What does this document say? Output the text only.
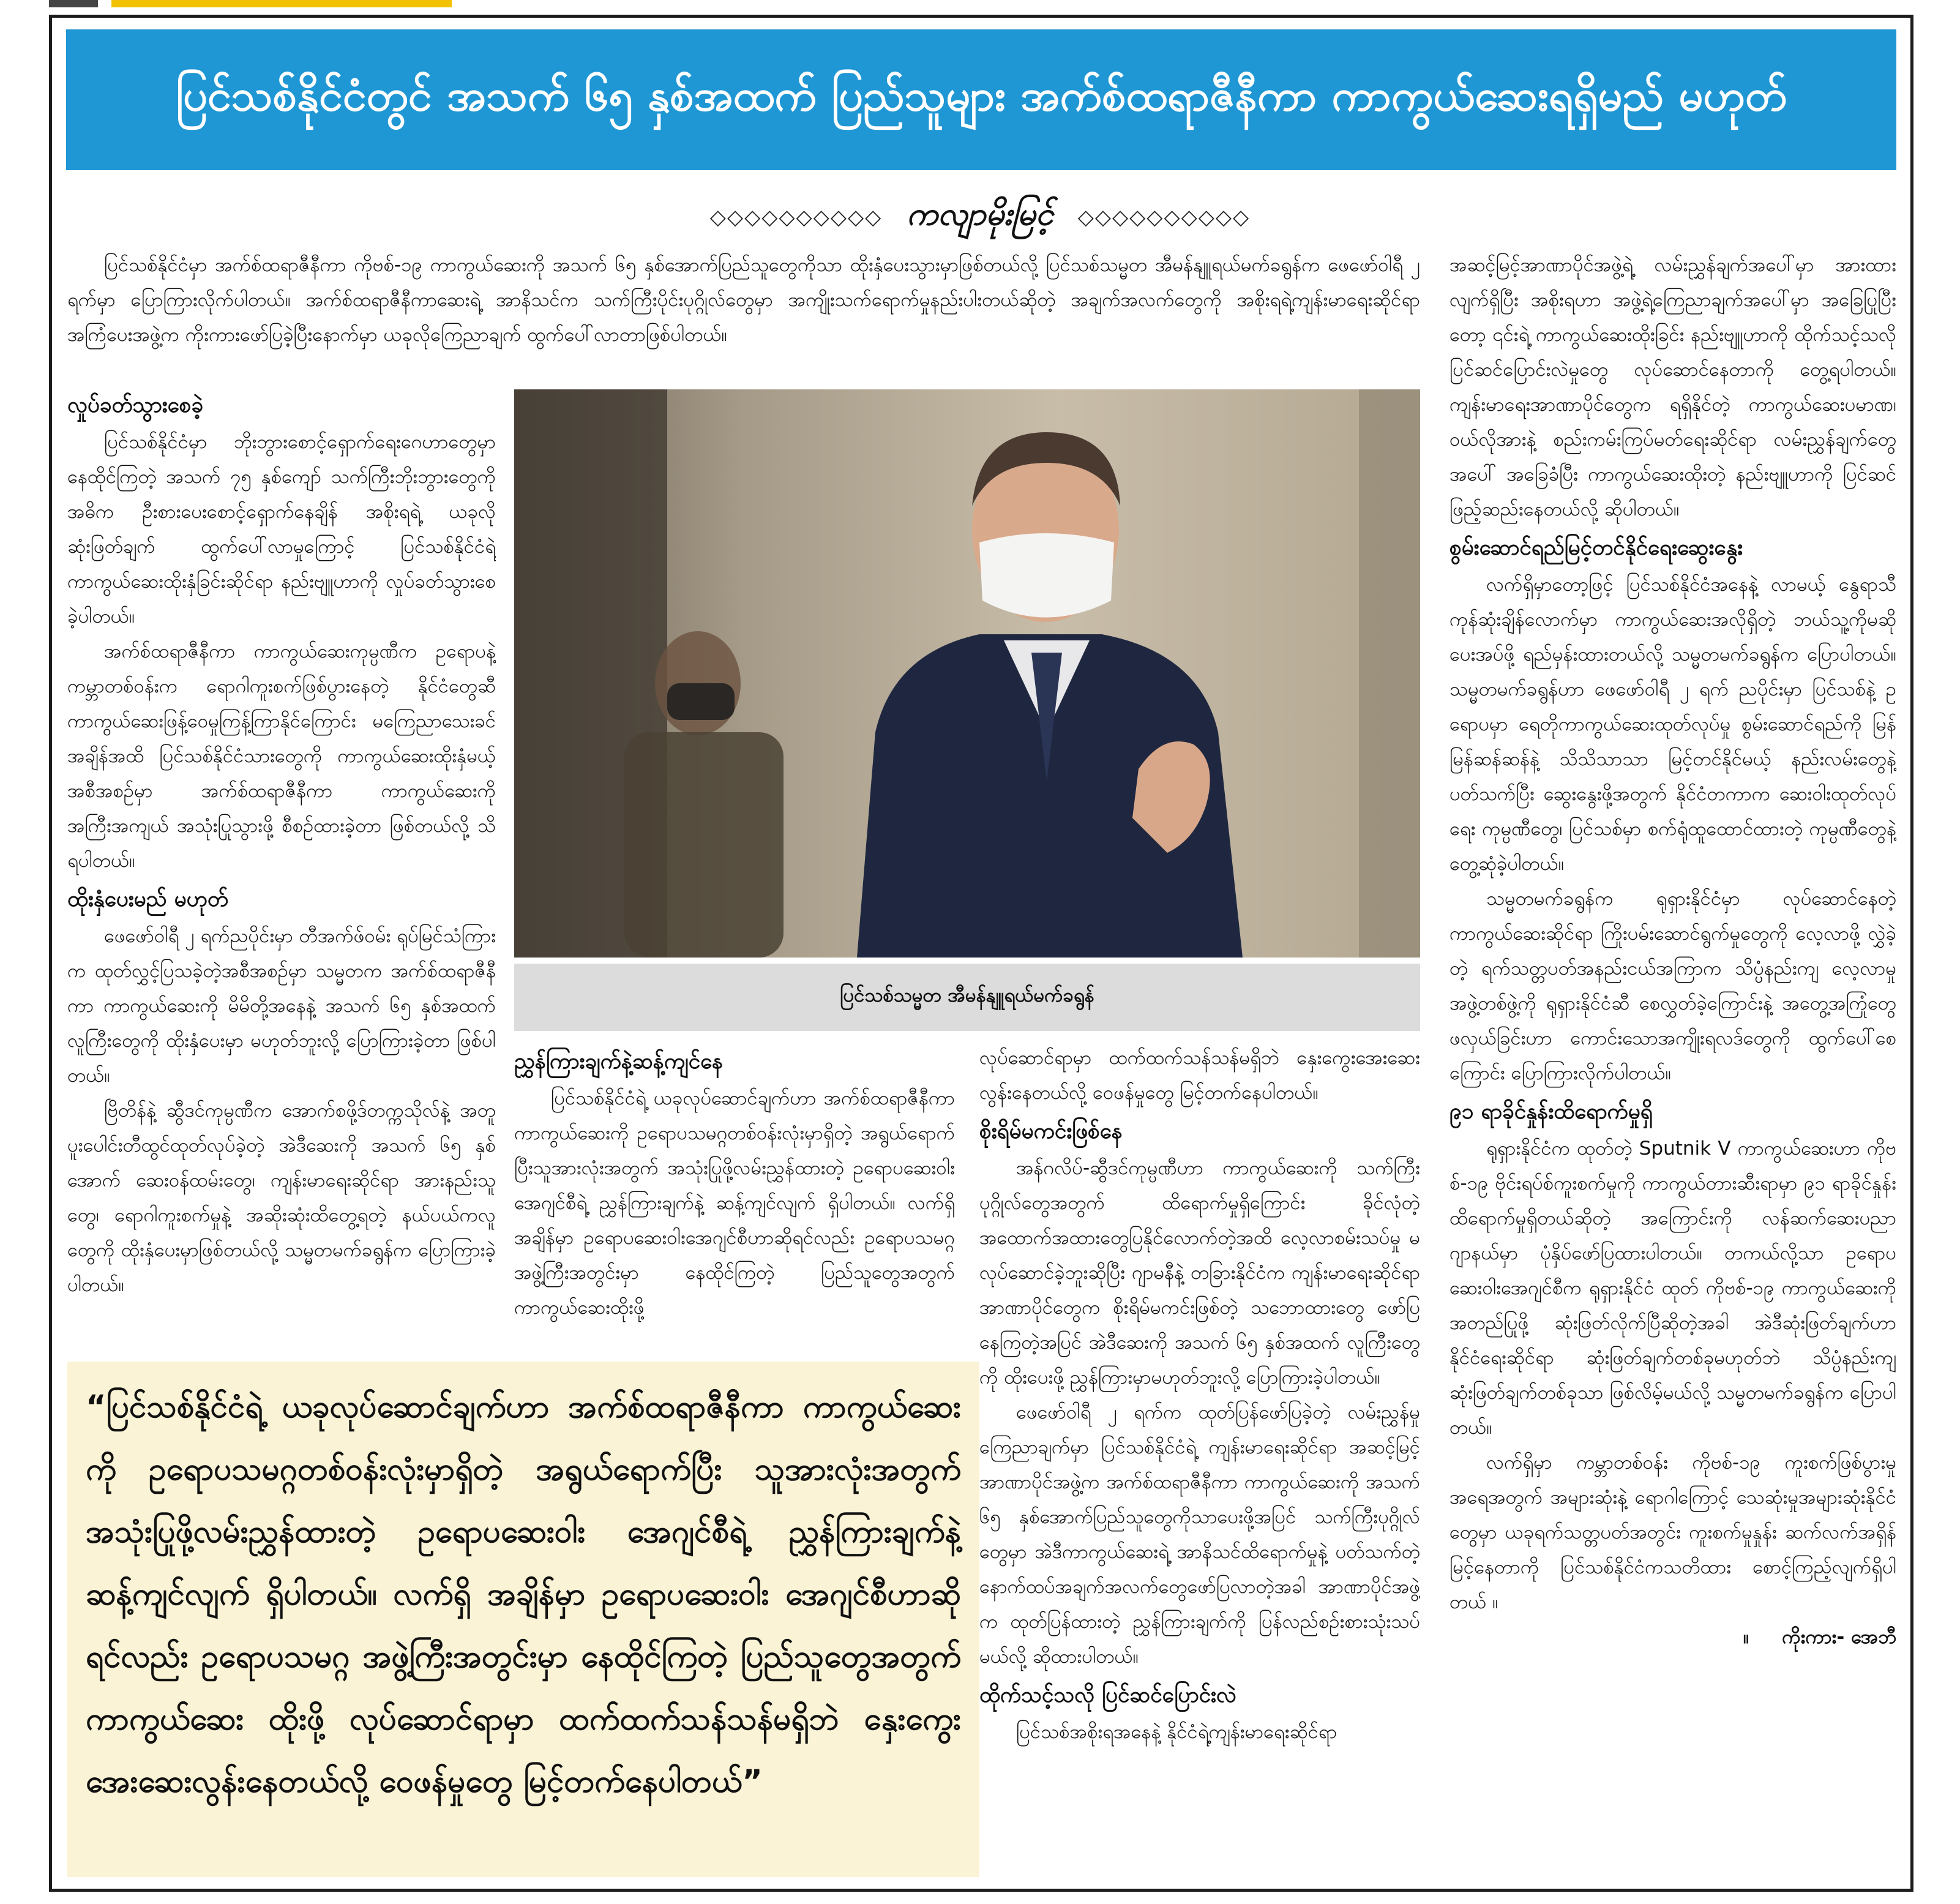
ပြင်သစ်နိုင်ငံတွင် အသက် ၆၅ နှစ်အထက် ပြည်သူများ အက်စ်ထရာဇီနီကာ ကာကွယ်ဆေးရရှိမည် မဟုတ်
◇◇◇◇◇◇◇◇◇◇ ကလျာမိုးမြင့် ◇◇◇◇◇◇◇◇◇◇

ပြင်သစ်နိုင်ငံမှာ အက်စ်ထရာဇီနီကာ ကိုဗစ်-၁၉ ကာကွယ်ဆေးကို အသက် ၆၅ နှစ်အောက်ပြည်သူတွေကိုသာ ထိုးနှံပေးသွားမှာဖြစ်တယ်လို့ ပြင်သစ်သမ္မတ အီမန်နျူရယ်မက်ခရွန်က ဖေဖော်ဝါရီ ၂ ရက်မှာ ပြောကြားလိုက်ပါတယ်။ အက်စ်ထရာဇီနီကာဆေးရဲ့ အာနိသင်က သက်ကြီးပိုင်းပုဂ္ဂိုလ်တွေမှာ အကျိုးသက်ရောက်မှုနည်းပါးတယ်ဆိုတဲ့ အချက်အလက်တွေကို အစိုးရရဲ့ကျန်းမာရေးဆိုင်ရာ အကြံပေးအဖွဲ့က ကိုးကားဖော်ပြခဲ့ပြီးနောက်မှာ ယခုလိုကြေညာချက် ထွက်ပေါ်လာတာဖြစ်ပါတယ်။

လှုပ်ခတ်သွားစေခဲ့

ပြင်သစ်နိုင်ငံမှာ ဘိုးဘွားစောင့်ရှောက်ရေးဂေဟာတွေမှာ နေထိုင်ကြတဲ့ အသက် ၇၅ နှစ်ကျော် သက်ကြီးဘိုးဘွားတွေကို အဓိက ဦးစားပေးစောင့်ရှောက်နေချိန် အစိုးရရဲ့ ယခုလိုဆုံးဖြတ်ချက် ထွက်ပေါ်လာမှုကြောင့် ပြင်သစ်နိုင်ငံရဲ့ ကာကွယ်ဆေးထိုးနှံခြင်းဆိုင်ရာ နည်းဗျူဟာကို လှုပ်ခတ်သွားစေခဲ့ပါတယ်။

အက်စ်ထရာဇီနီကာ ကာကွယ်ဆေးကုမ္ပဏီက ဥရောပနဲ့ ကမ္ဘာတစ်ဝန်းက ရောဂါကူးစက်ဖြစ်ပွားနေတဲ့ နိုင်ငံတွေဆီ ကာကွယ်ဆေးဖြန့်ဝေမှုကြန့်ကြာနိုင်ကြောင်း မကြေညာသေးခင်အချိန်အထိ ပြင်သစ်နိုင်ငံသားတွေကို ကာကွယ်ဆေးထိုးနှံမယ့်အစီအစဉ်မှာ အက်စ်ထရာဇီနီကာ ကာကွယ်ဆေးကို အကြီးအကျယ် အသုံးပြုသွားဖို့ စီစဉ်ထားခဲ့တာ ဖြစ်တယ်လို့ သိရပါတယ်။

ထိုးနှံပေးမည် မဟုတ်

ဖေဖော်ဝါရီ ၂ ရက်ညပိုင်းမှာ တီအက်ဖ်ဝမ်း ရုပ်မြင်သံကြားက ထုတ်လွှင့်ပြသခဲ့တဲ့အစီအစဉ်မှာ သမ္မတက အက်စ်ထရာဇီနီကာ ကာကွယ်ဆေးကို မိမိတို့အနေနဲ့ အသက် ၆၅ နှစ်အထက် လူကြီးတွေကို ထိုးနှံပေးမှာ မဟုတ်ဘူးလို့ ပြောကြားခဲ့တာ ဖြစ်ပါတယ်။

ဗြိတိန်နဲ့ ဆွီဒင်ကုမ္ပဏီက အောက်စဖို့ဒ်တက္ကသိုလ်နဲ့ အတူ ပူးပေါင်းတီထွင်ထုတ်လုပ်ခဲ့တဲ့ အဲဒီဆေးကို အသက် ၆၅ နှစ်အောက် ဆေးဝန်ထမ်းတွေ၊ ကျန်းမာရေးဆိုင်ရာ အားနည်းသူတွေ၊ ရောဂါကူးစက်မှုနဲ့ အဆိုးဆုံးထိတွေ့ရတဲ့ နယ်ပယ်ကလူတွေကို ထိုးနှံပေးမှာဖြစ်တယ်လို့ သမ္မတမက်ခရွန်က ပြောကြားခဲ့ပါတယ်။

ပြင်သစ်သမ္မတ အီမန်နျူရယ်မက်ခရွန်
ညွှန်ကြားချက်နဲ့ဆန့်ကျင်နေ

ပြင်သစ်နိုင်ငံရဲ့ ယခုလုပ်ဆောင်ချက်ဟာ အက်စ်ထရာဇီနီကာ ကာကွယ်ဆေးကို ဥရောပသမဂ္ဂတစ်ဝန်းလုံးမှာရှိတဲ့ အရွယ်ရောက်ပြီးသူအားလုံးအတွက် အသုံးပြုဖို့လမ်းညွှန်ထားတဲ့ ဥရောပဆေးဝါးအေဂျင်စီရဲ့ ညွှန်ကြားချက်နဲ့ ဆန့်ကျင်လျက် ရှိပါတယ်။ လက်ရှိအချိန်မှာ ဥရောပဆေးဝါးအေဂျင်စီဟာဆိုရင်လည်း ဥရောပသမဂ္ဂအဖွဲ့ကြီးအတွင်းမှာ နေထိုင်ကြတဲ့ ပြည်သူတွေအတွက် ကာကွယ်ဆေးထိုးဖို့

လုပ်ဆောင်ရာမှာ ထက်ထက်သန်သန်မရှိဘဲ နှေးကွေးအေးဆေးလွန်းနေတယ်လို့ ဝေဖန်မှုတွေ မြင့်တက်နေပါတယ်။

စိုးရိမ်မကင်းဖြစ်နေ

အန်ဂလိပ်-ဆွီဒင်ကုမ္ပဏီဟာ ကာကွယ်ဆေးကို သက်ကြီးပုဂ္ဂိုလ်တွေအတွက် ထိရောက်မှုရှိကြောင်း ခိုင်လုံတဲ့ အထောက်အထားတွေပြနိုင်လောက်တဲ့အထိ လေ့လာစမ်းသပ်မှု မလုပ်ဆောင်ခဲ့ဘူးဆိုပြီး ဂျာမနီနဲ့ တခြားနိုင်ငံက ကျန်းမာရေးဆိုင်ရာ အာဏာပိုင်တွေက စိုးရိမ်မကင်းဖြစ်တဲ့ သဘောထားတွေ ဖော်ပြနေကြတဲ့အပြင် အဲဒီဆေးကို အသက် ၆၅ နှစ်အထက် လူကြီးတွေကို ထိုးပေးဖို့ ညွှန်ကြားမှာမဟုတ်ဘူးလို့ ပြောကြားခဲ့ပါတယ်။

ဖေဖော်ဝါရီ ၂ ရက်က ထုတ်ပြန်ဖော်ပြခဲ့တဲ့ လမ်းညွှန်မှုကြေညာချက်မှာ ပြင်သစ်နိုင်ငံရဲ့ ကျန်းမာရေးဆိုင်ရာ အဆင့်မြင့်အာဏာပိုင်အဖွဲ့က အက်စ်ထရာဇီနီကာ ကာကွယ်ဆေးကို အသက် ၆၅ နှစ်အောက်ပြည်သူတွေကိုသာပေးဖို့အပြင် သက်ကြီးပုဂ္ဂိုလ်တွေမှာ အဲဒီကာကွယ်ဆေးရဲ့ အာနိသင်ထိရောက်မှုနဲ့ ပတ်သက်တဲ့ နောက်ထပ်အချက်အလက်တွေဖော်ပြလာတဲ့အခါ အာဏာပိုင်အဖွဲ့က ထုတ်ပြန်ထားတဲ့ ညွှန်ကြားချက်ကို ပြန်လည်စဉ်းစားသုံးသပ်မယ်လို့ ဆိုထားပါတယ်။

ထိုက်သင့်သလို ပြင်ဆင်ပြောင်းလဲ

ပြင်သစ်အစိုးရအနေနဲ့ နိုင်ငံရဲ့ကျန်းမာရေးဆိုင်ရာ

အဆင့်မြင့်အာဏာပိုင်အဖွဲ့ရဲ့ လမ်းညွှန်ချက်အပေါ်မှာ အားထားလျက်ရှိပြီး အစိုးရဟာ အဖွဲ့ရဲ့ကြေညာချက်အပေါ်မှာ အခြေပြုပြီးတော့ ၎င်းရဲ့ ကာကွယ်ဆေးထိုးခြင်း နည်းဗျူဟာကို ထိုက်သင့်သလို ပြင်ဆင်ပြောင်းလဲမှုတွေ လုပ်ဆောင်နေတာကို တွေ့ရပါတယ်။ ကျန်းမာရေးအာဏာပိုင်တွေက ရရှိနိုင်တဲ့ ကာကွယ်ဆေးပမာဏ၊ ဝယ်လိုအားနဲ့ စည်းကမ်းကြပ်မတ်ရေးဆိုင်ရာ လမ်းညွှန်ချက်တွေအပေါ် အခြေခံပြီး ကာကွယ်ဆေးထိုးတဲ့ နည်းဗျူဟာကို ပြင်ဆင်ဖြည့်ဆည်းနေတယ်လို့ ဆိုပါတယ်။

စွမ်းဆောင်ရည်မြင့်တင်နိုင်ရေးဆွေးနွေး

လက်ရှိမှာတော့ဖြင့် ပြင်သစ်နိုင်ငံအနေနဲ့ လာမယ့် နွေရာသီကုန်ဆုံးချိန်လောက်မှာ ကာကွယ်ဆေးအလိုရှိတဲ့ ဘယ်သူ့ကိုမဆို ပေးအပ်ဖို့ ရည်မှန်းထားတယ်လို့ သမ္မတမက်ခရွန်က ပြောပါတယ်။ သမ္မတမက်ခရွန်ဟာ ဖေဖော်ဝါရီ ၂ ရက် ညပိုင်းမှာ ပြင်သစ်နဲ့ ဥရောပမှာ ရေတိုကာကွယ်ဆေးထုတ်လုပ်မှု စွမ်းဆောင်ရည်ကို မြန်မြန်ဆန်ဆန်နဲ့ သိသိသာသာ မြင့်တင်နိုင်မယ့် နည်းလမ်းတွေနဲ့ ပတ်သက်ပြီး ဆွေးနွေးဖို့အတွက် နိုင်ငံတကာက ဆေးဝါးထုတ်လုပ်ရေး ကုမ္ပဏီတွေ၊ ပြင်သစ်မှာ စက်ရုံထူထောင်ထားတဲ့ ကုမ္ပဏီတွေနဲ့ တွေ့ဆုံခဲ့ပါတယ်။

သမ္မတမက်ခရွန်က ရုရှားနိုင်ငံမှာ လုပ်ဆောင်နေတဲ့ ကာကွယ်ဆေးဆိုင်ရာ ကြိုးပမ်းဆောင်ရွက်မှုတွေကို လေ့လာဖို့ လွှဲခဲ့တဲ့ ရက်သတ္တပတ်အနည်းငယ်အကြာက သိပ္ပံနည်းကျ လေ့လာမှုအဖွဲ့တစ်ဖွဲ့ကို ရုရှားနိုင်ငံဆီ စေလွှတ်ခဲ့ကြောင်းနဲ့ အတွေ့အကြုံတွေ ဖလှယ်ခြင်းဟာ ကောင်းသောအကျိုးရလဒ်တွေကို ထွက်ပေါ်စေကြောင်း ပြောကြားလိုက်ပါတယ်။

၉၁ ရာခိုင်နှုန်းထိရောက်မှုရှိ

ရုရှားနိုင်ငံက ထုတ်တဲ့ Sputnik V ကာကွယ်ဆေးဟာ ကိုဗစ်-၁၉ ဗိုင်းရပ်စ်ကူးစက်မှုကို ကာကွယ်တားဆီးရာမှာ ၉၁ ရာခိုင်နှုန်း ထိရောက်မှုရှိတယ်ဆိုတဲ့ အကြောင်းကို လန်ဆက်ဆေးပညာဂျာနယ်မှာ ပုံနှိပ်ဖော်ပြထားပါတယ်။ တကယ်လို့သာ ဥရောပဆေးဝါးအေဂျင်စီက ရုရှားနိုင်ငံ ထုတ် ကိုဗစ်-၁၉ ကာကွယ်ဆေးကို အတည်ပြုဖို့ ဆုံးဖြတ်လိုက်ပြီဆိုတဲ့အခါ အဲဒီဆုံးဖြတ်ချက်ဟာ နိုင်ငံရေးဆိုင်ရာ ဆုံးဖြတ်ချက်တစ်ခုမဟုတ်ဘဲ သိပ္ပံနည်းကျ ဆုံးဖြတ်ချက်တစ်ခုသာ ဖြစ်လိမ့်မယ်လို့ သမ္မတမက်ခရွန်က ပြောပါတယ်။

လက်ရှိမှာ ကမ္ဘာတစ်ဝန်း ကိုဗစ်-၁၉ ကူးစက်ဖြစ်ပွားမှုအရေအတွက် အများဆုံးနဲ့ ရောဂါကြောင့် သေဆုံးမှုအများဆုံးနိုင်ငံတွေမှာ ယခုရက်သတ္တပတ်အတွင်း ကူးစက်မှုနှုန်း ဆက်လက်အရှိန်မြင့်နေတာကို ပြင်သစ်နိုင်ငံကသတိထား စောင့်ကြည့်လျက်ရှိပါတယ် ။

။ ကိုးကား- အေဘီ

“ပြင်သစ်နိုင်ငံရဲ့ ယခုလုပ်ဆောင်ချက်ဟာ အက်စ်ထရာဇီနီကာ ကာကွယ်ဆေးကို ဥရောပသမဂ္ဂတစ်ဝန်းလုံးမှာရှိတဲ့ အရွယ်ရောက်ပြီး သူအားလုံးအတွက် အသုံးပြုဖို့လမ်းညွှန်ထားတဲ့ ဥရောပဆေးဝါး အေဂျင်စီရဲ့ ညွှန်ကြားချက်နဲ့ ဆန့်ကျင်လျက် ရှိပါတယ်။ လက်ရှိ အချိန်မှာ ဥရောပဆေးဝါး အေဂျင်စီဟာဆိုရင်လည်း ဥရောပသမဂ္ဂ အဖွဲ့ကြီးအတွင်းမှာ နေထိုင်ကြတဲ့ ပြည်သူတွေအတွက် ကာကွယ်ဆေး ထိုးဖို့ လုပ်ဆောင်ရာမှာ ထက်ထက်သန်သန်မရှိဘဲ နှေးကွေး အေးဆေးလွန်းနေတယ်လို့ ဝေဖန်မှုတွေ မြင့်တက်နေပါတယ်”
